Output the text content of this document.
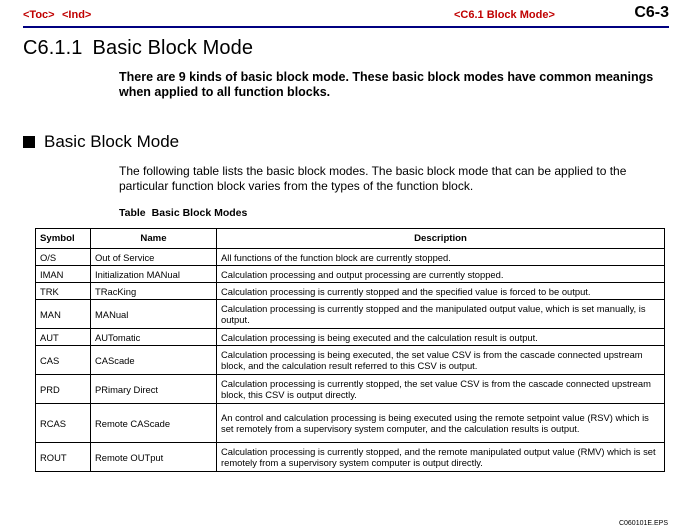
<Toc> <Ind>	<C6.1 Block Mode>	C6-3
C6.1.1 Basic Block Mode

There are 9 kinds of basic block mode. These basic block modes have common meanings when applied to all function blocks.

Basic Block Mode

The following table lists the basic block modes. The basic block mode that can be applied to the particular function block varies from the types of the function block.

Table Basic Block Modes
Symbol	Name	Description
O/S	Out of Service	All functions of the function block are currently stopped.
IMAN	Initialization MANual	Calculation processing and output processing are currently stopped.
TRK	TRacKing	Calculation processing is currently stopped and the specified value is forced to be output.
MAN	MANual	Calculation processing is currently stopped and the manipulated output value, which is set manually, is output.
AUT	AUTomatic	Calculation processing is being executed and the calculation result is output.
CAS	CAScade	Calculation processing is being executed, the set value CSV is from the cascade connected upstream block, and the calculation result referred to this CSV is output.
PRD	PRimary Direct	Calculation processing is currently stopped, the set value CSV is from the cascade connected upstream block, this CSV is output directly.
RCAS	Remote CAScade	An control and calculation processing is being executed using the remote setpoint value (RSV) which is set remotely from a supervisory system computer, and the calculation results is output.
ROUT	Remote OUTput	Calculation processing is currently stopped, and the remote manipulated output value (RMV) which is set remotely from a supervisory system computer is output directly.
C060101E.EPS
